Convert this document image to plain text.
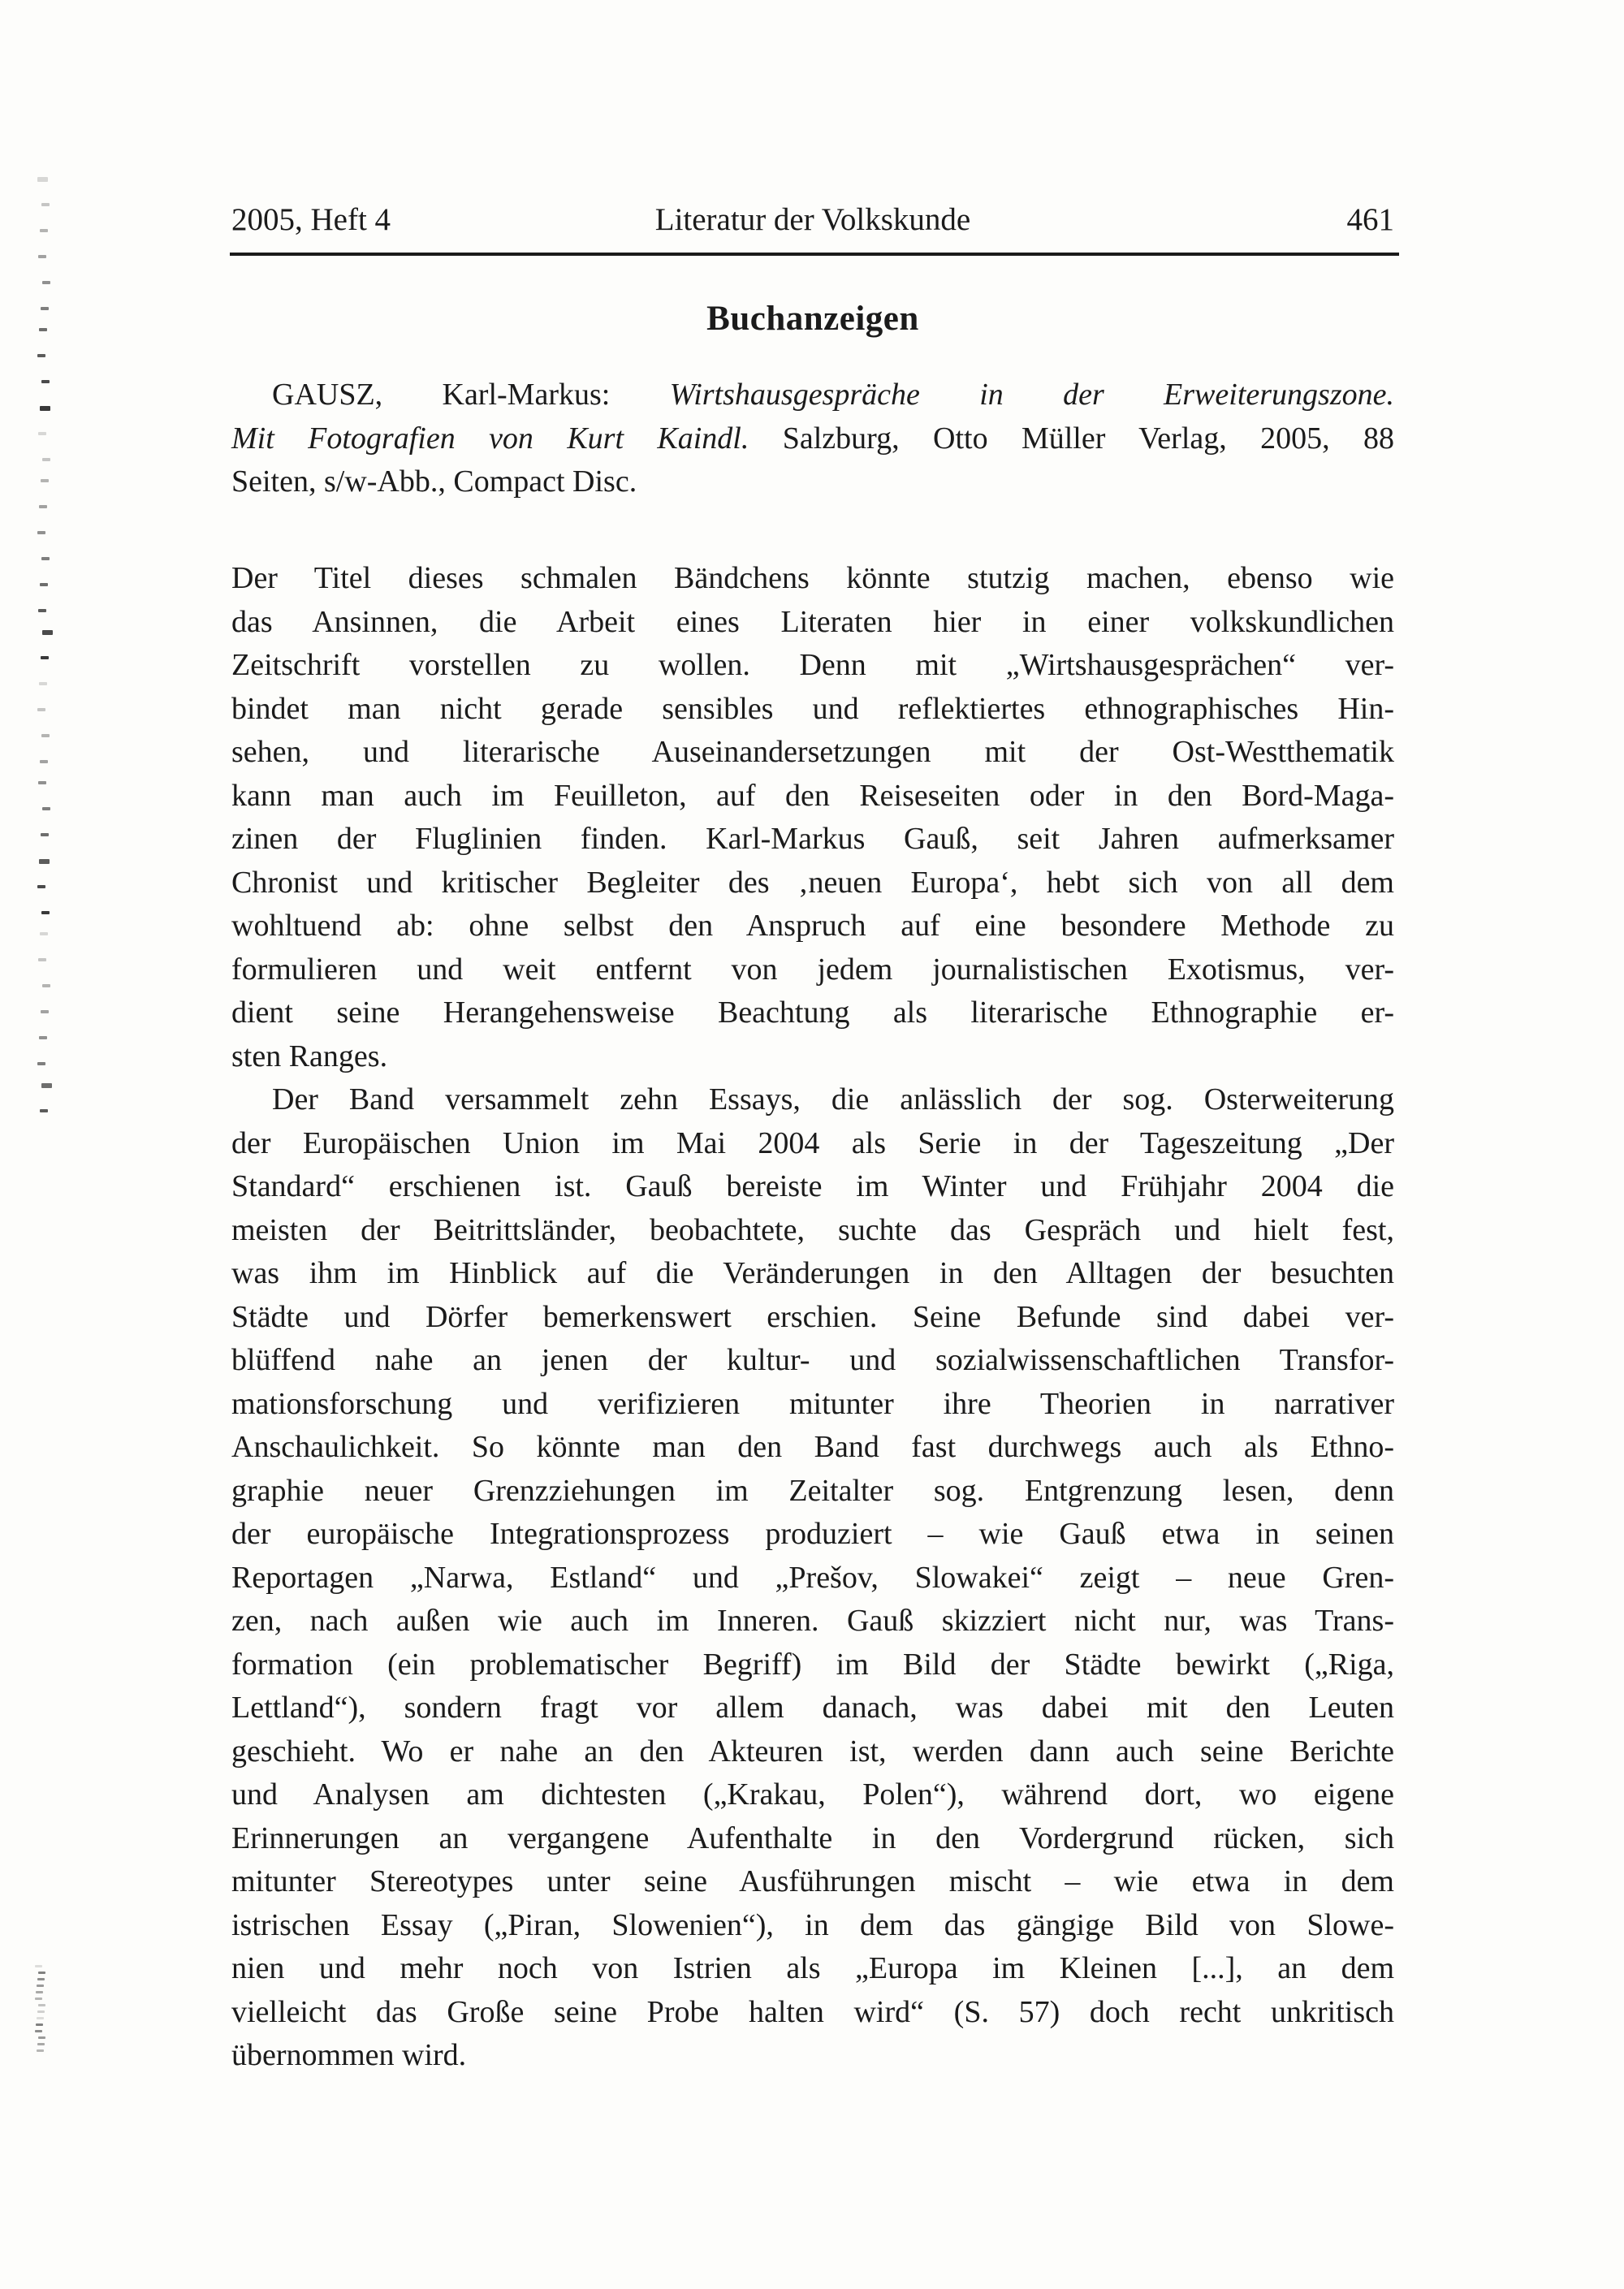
2005, Heft 4	Literatur der Volkskunde	461
Buchanzeigen
GAUSZ, Karl-Markus: Wirtshausgespräche in der Erweiterungszone.
Mit Fotografien von Kurt Kaindl. Salzburg, Otto Müller Verlag, 2005, 88
Seiten, s/w-Abb., Compact Disc.
Der Titel dieses schmalen Bändchens könnte stutzig machen, ebenso wie
das Ansinnen, die Arbeit eines Literaten hier in einer volkskundlichen
Zeitschrift vorstellen zu wollen. Denn mit „Wirtshausgesprächen“ ver-
bindet man nicht gerade sensibles und reflektiertes ethnographisches Hin-
sehen, und literarische Auseinandersetzungen mit der Ost-Westthematik
kann man auch im Feuilleton, auf den Reiseseiten oder in den Bord-Maga-
zinen der Fluglinien finden. Karl-Markus Gauß, seit Jahren aufmerksamer
Chronist und kritischer Begleiter des ‚neuen Europa‘, hebt sich von all dem
wohltuend ab: ohne selbst den Anspruch auf eine besondere Methode zu
formulieren und weit entfernt von jedem journalistischen Exotismus, ver-
dient seine Herangehensweise Beachtung als literarische Ethnographie er-
sten Ranges.
Der Band versammelt zehn Essays, die anlässlich der sog. Osterweiterung
der Europäischen Union im Mai 2004 als Serie in der Tageszeitung „Der
Standard“ erschienen ist. Gauß bereiste im Winter und Frühjahr 2004 die
meisten der Beitrittsländer, beobachtete, suchte das Gespräch und hielt fest,
was ihm im Hinblick auf die Veränderungen in den Alltagen der besuchten
Städte und Dörfer bemerkenswert erschien. Seine Befunde sind dabei ver-
blüffend nahe an jenen der kultur- und sozialwissenschaftlichen Transfor-
mationsforschung und verifizieren mitunter ihre Theorien in narrativer
Anschaulichkeit. So könnte man den Band fast durchwegs auch als Ethno-
graphie neuer Grenzziehungen im Zeitalter sog. Entgrenzung lesen, denn
der europäische Integrationsprozess produziert – wie Gauß etwa in seinen
Reportagen „Narwa, Estland“ und „Prešov, Slowakei“ zeigt – neue Gren-
zen, nach außen wie auch im Inneren. Gauß skizziert nicht nur, was Trans-
formation (ein problematischer Begriff) im Bild der Städte bewirkt („Riga,
Lettland“), sondern fragt vor allem danach, was dabei mit den Leuten
geschieht. Wo er nahe an den Akteuren ist, werden dann auch seine Berichte
und Analysen am dichtesten („Krakau, Polen“), während dort, wo eigene
Erinnerungen an vergangene Aufenthalte in den Vordergrund rücken, sich
mitunter Stereotypes unter seine Ausführungen mischt – wie etwa in dem
istrischen Essay („Piran, Slowenien“), in dem das gängige Bild von Slowe-
nien und mehr noch von Istrien als „Europa im Kleinen [...], an dem
vielleicht das Große seine Probe halten wird“ (S. 57) doch recht unkritisch
übernommen wird.
